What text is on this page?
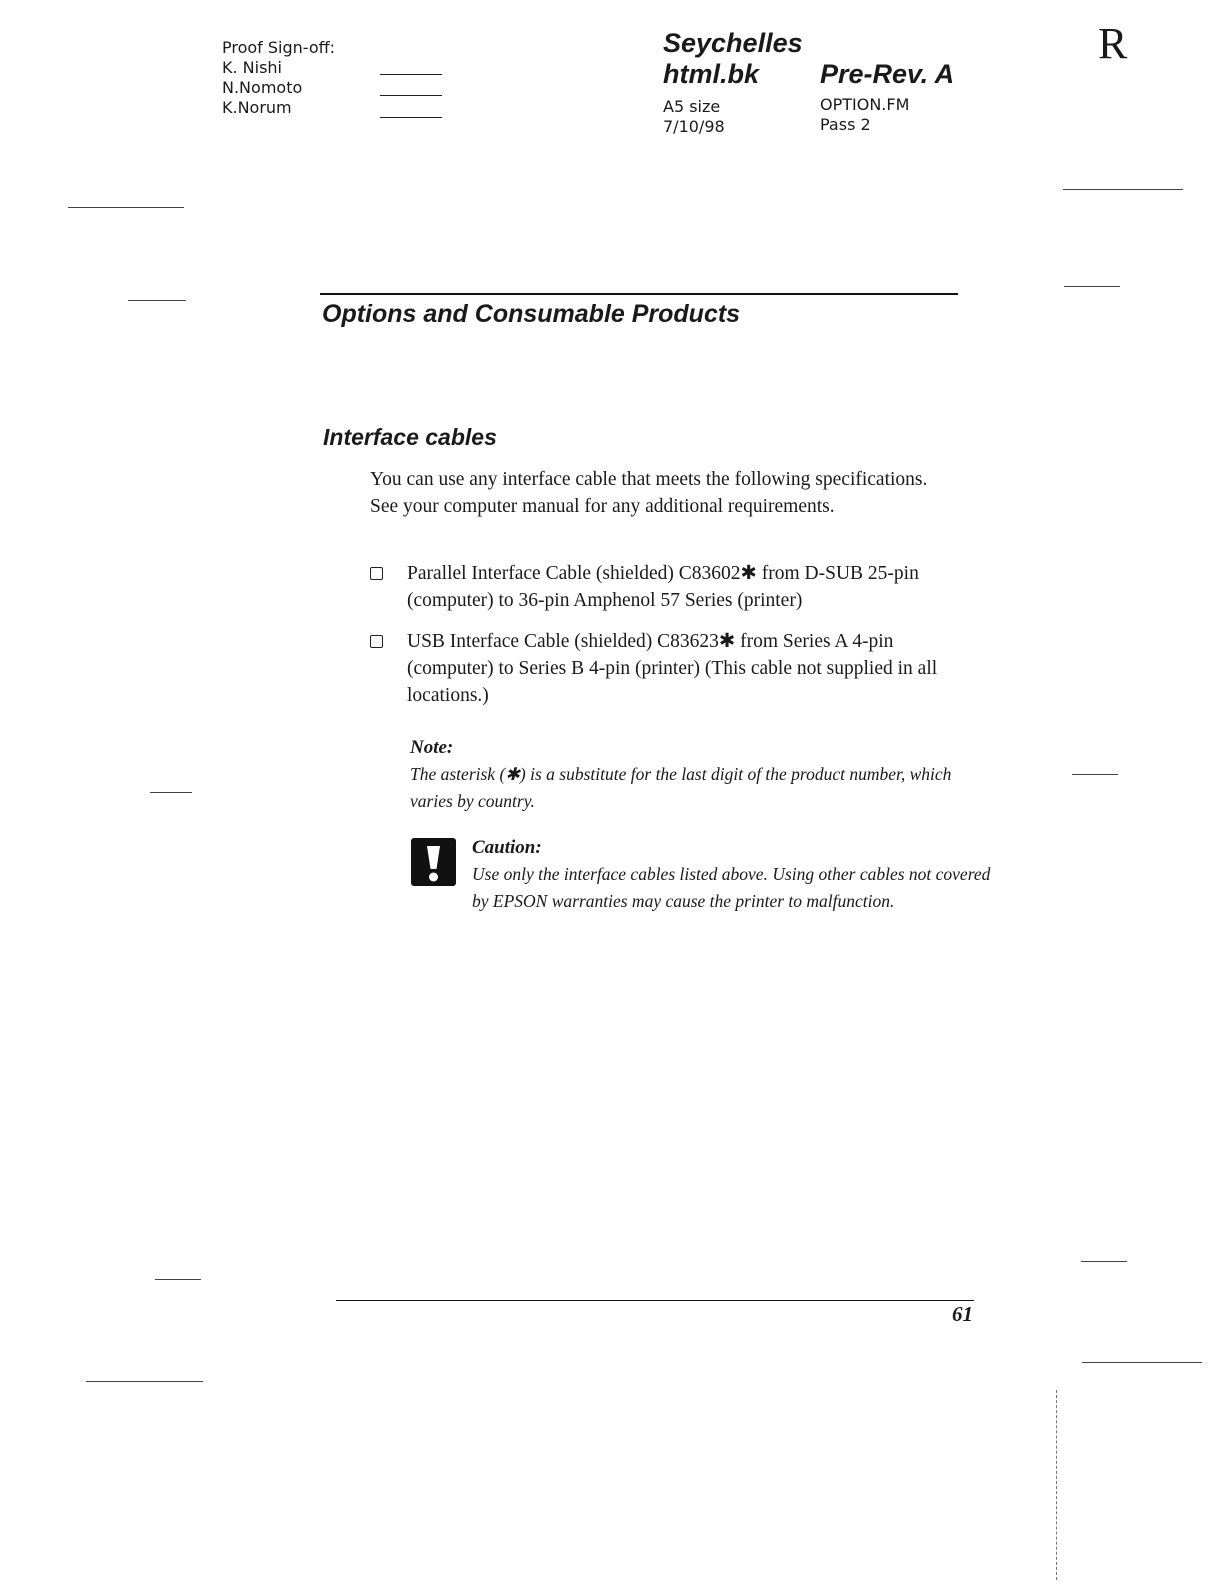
Proof Sign-off:
K. Nishi
N.Nomoto
K.Norum
Seychelles
html.bk	Pre-Rev. A
A5 size
7/10/98
OPTION.FM
Pass 2
R
Options and Consumable Products
Interface cables
You can use any interface cable that meets the following specifications. See your computer manual for any additional requirements.
Parallel Interface Cable (shielded) C83602✱ from D-SUB 25-pin (computer) to 36-pin Amphenol 57 Series (printer)
USB Interface Cable (shielded) C83623✱ from Series A 4-pin (computer) to Series B 4-pin (printer) (This cable not supplied in all locations.)
Note:
The asterisk (✱) is a substitute for the last digit of the product number, which varies by country.
Caution:
Use only the interface cables listed above. Using other cables not covered by EPSON warranties may cause the printer to malfunction.
61
